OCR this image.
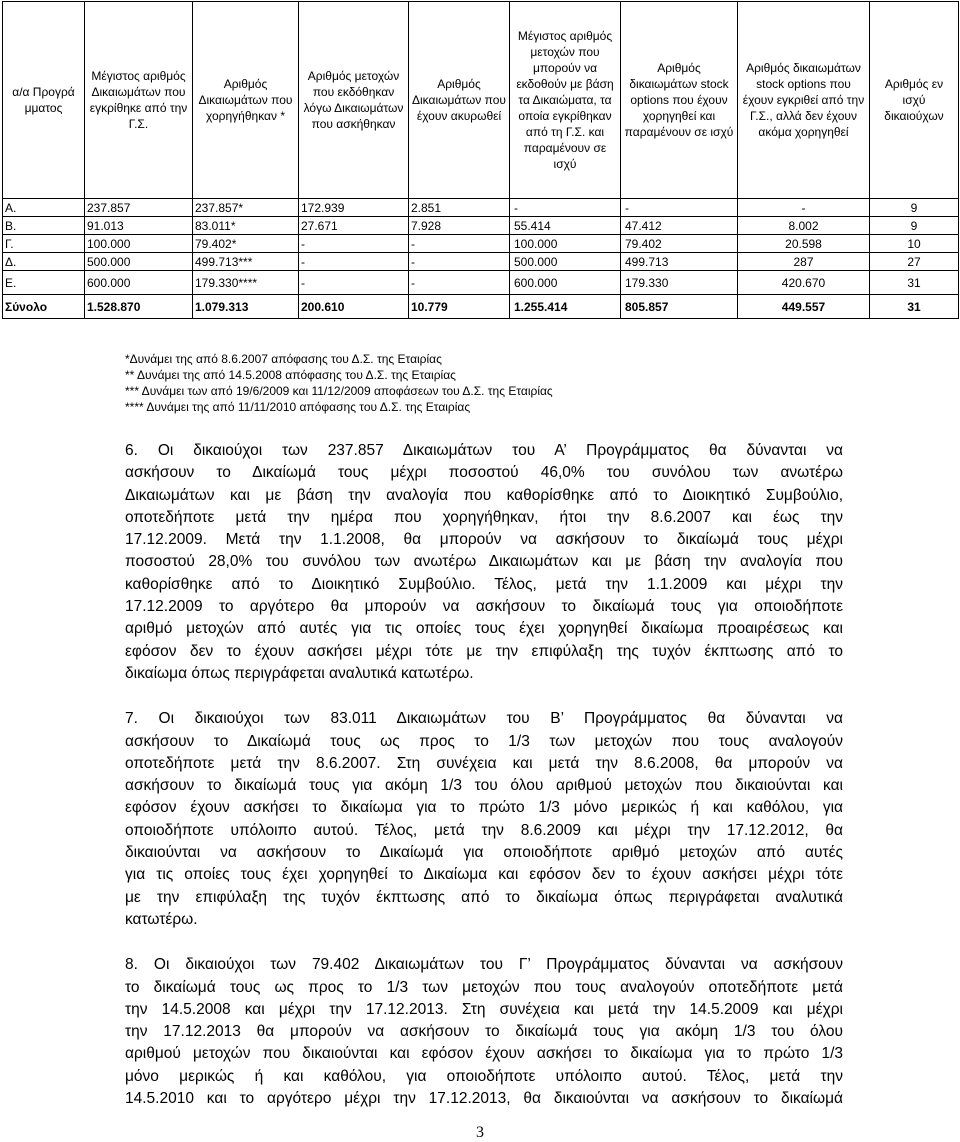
α/α Προγρά μματος	Μέγιστος αριθμός Δικαιωμάτων που εγκρίθηκε από την Γ.Σ.	Αριθμός Δικαιωμάτων που χορηγήθηκαν *	Αριθμός μετοχών που εκδόθηκαν λόγω Δικαιωμάτων που ασκήθηκαν	Αριθμός Δικαιωμάτων που έχουν ακυρωθεί	Μέγιστος αριθμός μετοχών που μπορούν να εκδοθούν με βάση τα Δικαιώματα, τα οποία εγκρίθηκαν από τη Γ.Σ. και παραμένουν σε ισχύ	Αριθμός δικαιωμάτων stock options που έχουν χορηγηθεί και παραμένουν σε ισχύ	Αριθμός δικαιωμάτων stock options που έχουν εγκριθεί από την Γ.Σ., αλλά δεν έχουν ακόμα χορηγηθεί	Αριθμός εν ισχύ δικαιούχων
Α.	237.857	237.857*	172.939	2.851	-	-	-	9
Β.	91.013	83.011*	27.671	7.928	55.414	47.412	8.002	9
Γ.	100.000	79.402*	-	-	100.000	79.402	20.598	10
Δ.	500.000	499.713***	-	-	500.000	499.713	287	27
Ε.	600.000	179.330****	-	-	600.000	179.330	420.670	31
Σύνολο	1.528.870	1.079.313	200.610	10.779	1.255.414	805.857	449.557	31
*Δυνάμει της από 8.6.2007 απόφασης του Δ.Σ. της Εταιρίας
** Δυνάμει της από 14.5.2008 απόφασης του Δ.Σ. της Εταιρίας
*** Δυνάμει των από 19/6/2009 και 11/12/2009 αποφάσεων του Δ.Σ. της Εταιρίας
**** Δυνάμει της από 11/11/2010 απόφασης του Δ.Σ. της Εταιρίας
6. Οι δικαιούχοι των 237.857 Δικαιωμάτων του Α’ Προγράμματος θα δύνανται να
ασκήσουν το Δικαίωμά τους μέχρι ποσοστού 46,0% του συνόλου των ανωτέρω
Δικαιωμάτων και με βάση την αναλογία που καθορίσθηκε από το Διοικητικό Συμβούλιο,
οποτεδήποτε μετά την ημέρα που χορηγήθηκαν, ήτοι την 8.6.2007 και έως την
17.12.2009. Μετά την 1.1.2008, θα μπορούν να ασκήσουν το δικαίωμά τους μέχρι
ποσοστού 28,0% του συνόλου των ανωτέρω Δικαιωμάτων και με βάση την αναλογία που
καθορίσθηκε από το Διοικητικό Συμβούλιο. Τέλος, μετά την 1.1.2009 και μέχρι την
17.12.2009 το αργότερο θα μπορούν να ασκήσουν το δικαίωμά τους για οποιοδήποτε
αριθμό μετοχών από αυτές για τις οποίες τους έχει χορηγηθεί δικαίωμα προαιρέσεως και
εφόσον δεν το έχουν ασκήσει μέχρι τότε με την επιφύλαξη της τυχόν έκπτωσης από το
δικαίωμα όπως περιγράφεται αναλυτικά κατωτέρω.
7. Οι δικαιούχοι των 83.011 Δικαιωμάτων του Β’ Προγράμματος θα δύνανται να
ασκήσουν το Δικαίωμά τους ως προς το 1/3 των μετοχών που τους αναλογούν
οποτεδήποτε μετά την 8.6.2007. Στη συνέχεια και μετά την 8.6.2008, θα μπορούν να
ασκήσουν το δικαίωμά τους για ακόμη 1/3 του όλου αριθμού μετοχών που δικαιούνται και
εφόσον έχουν ασκήσει το δικαίωμα για το πρώτο 1/3 μόνο μερικώς ή και καθόλου, για
οποιοδήποτε υπόλοιπο αυτού. Τέλος, μετά την 8.6.2009 και μέχρι την 17.12.2012, θα
δικαιούνται να ασκήσουν το Δικαίωμά για οποιοδήποτε αριθμό μετοχών από αυτές
για τις οποίες τους έχει χορηγηθεί το Δικαίωμα και εφόσον δεν το έχουν ασκήσει μέχρι τότε
με την επιφύλαξη της τυχόν έκπτωσης από το δικαίωμα όπως περιγράφεται αναλυτικά
κατωτέρω.
8. Οι δικαιούχοι των 79.402 Δικαιωμάτων του Γ’ Προγράμματος δύνανται να ασκήσουν
το δικαίωμά τους ως προς το 1/3 των μετοχών που τους αναλογούν οποτεδήποτε μετά
την 14.5.2008 και μέχρι την 17.12.2013. Στη συνέχεια και μετά την 14.5.2009 και μέχρι
την 17.12.2013 θα μπορούν να ασκήσουν το δικαίωμά τους για ακόμη 1/3 του όλου
αριθμού μετοχών που δικαιούνται και εφόσον έχουν ασκήσει το δικαίωμα για το πρώτο 1/3
μόνο μερικώς ή και καθόλου, για οποιοδήποτε υπόλοιπο αυτού. Τέλος, μετά την
14.5.2010 και το αργότερο μέχρι την 17.12.2013, θα δικαιούνται να ασκήσουν το δικαίωμά
3
